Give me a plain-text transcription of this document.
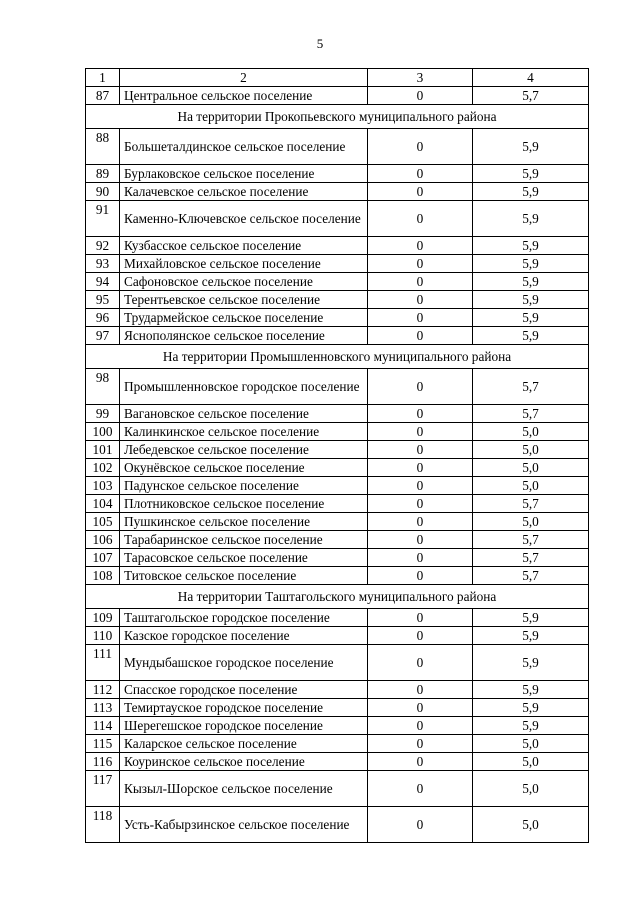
5
1	2	3	4
87	Центральное сельское поселение	0	5,7
На территории Прокопьевского муниципального района			
88	Большеталдинское сельское поселение	0	5,9
89	Бурлаковское сельское поселение	0	5,9
90	Калачевское сельское поселение	0	5,9
91	Каменно-Ключевское сельское поселение	0	5,9
92	Кузбасское сельское поселение	0	5,9
93	Михайловское сельское поселение	0	5,9
94	Сафоновское сельское поселение	0	5,9
95	Терентьевское сельское поселение	0	5,9
96	Трудармейское сельское поселение	0	5,9
97	Яснополянское сельское поселение	0	5,9
На территории Промышленновского муниципального района			
98	Промышленновское городское поселение	0	5,7
99	Вагановское сельское поселение	0	5,7
100	Калинкинское сельское поселение	0	5,0
101	Лебедевское сельское поселение	0	5,0
102	Окунёвское сельское поселение	0	5,0
103	Падунское сельское поселение	0	5,0
104	Плотниковское сельское поселение	0	5,7
105	Пушкинское сельское поселение	0	5,0
106	Тарабаринское сельское поселение	0	5,7
107	Тарасовское сельское поселение	0	5,7
108	Титовское сельское поселение	0	5,7
На территории Таштагольского муниципального района			
109	Таштагольское городское поселение	0	5,9
110	Казское городское поселение	0	5,9
111	Мундыбашское городское поселение	0	5,9
112	Спасское городское поселение	0	5,9
113	Темиртауское городское поселение	0	5,9
114	Шерегешское городское поселение	0	5,9
115	Каларское сельское поселение	0	5,0
116	Коуринское сельское поселение	0	5,0
117	Кызыл-Шорское сельское поселение	0	5,0
118	Усть-Кабырзинское сельское поселение	0	5,0
